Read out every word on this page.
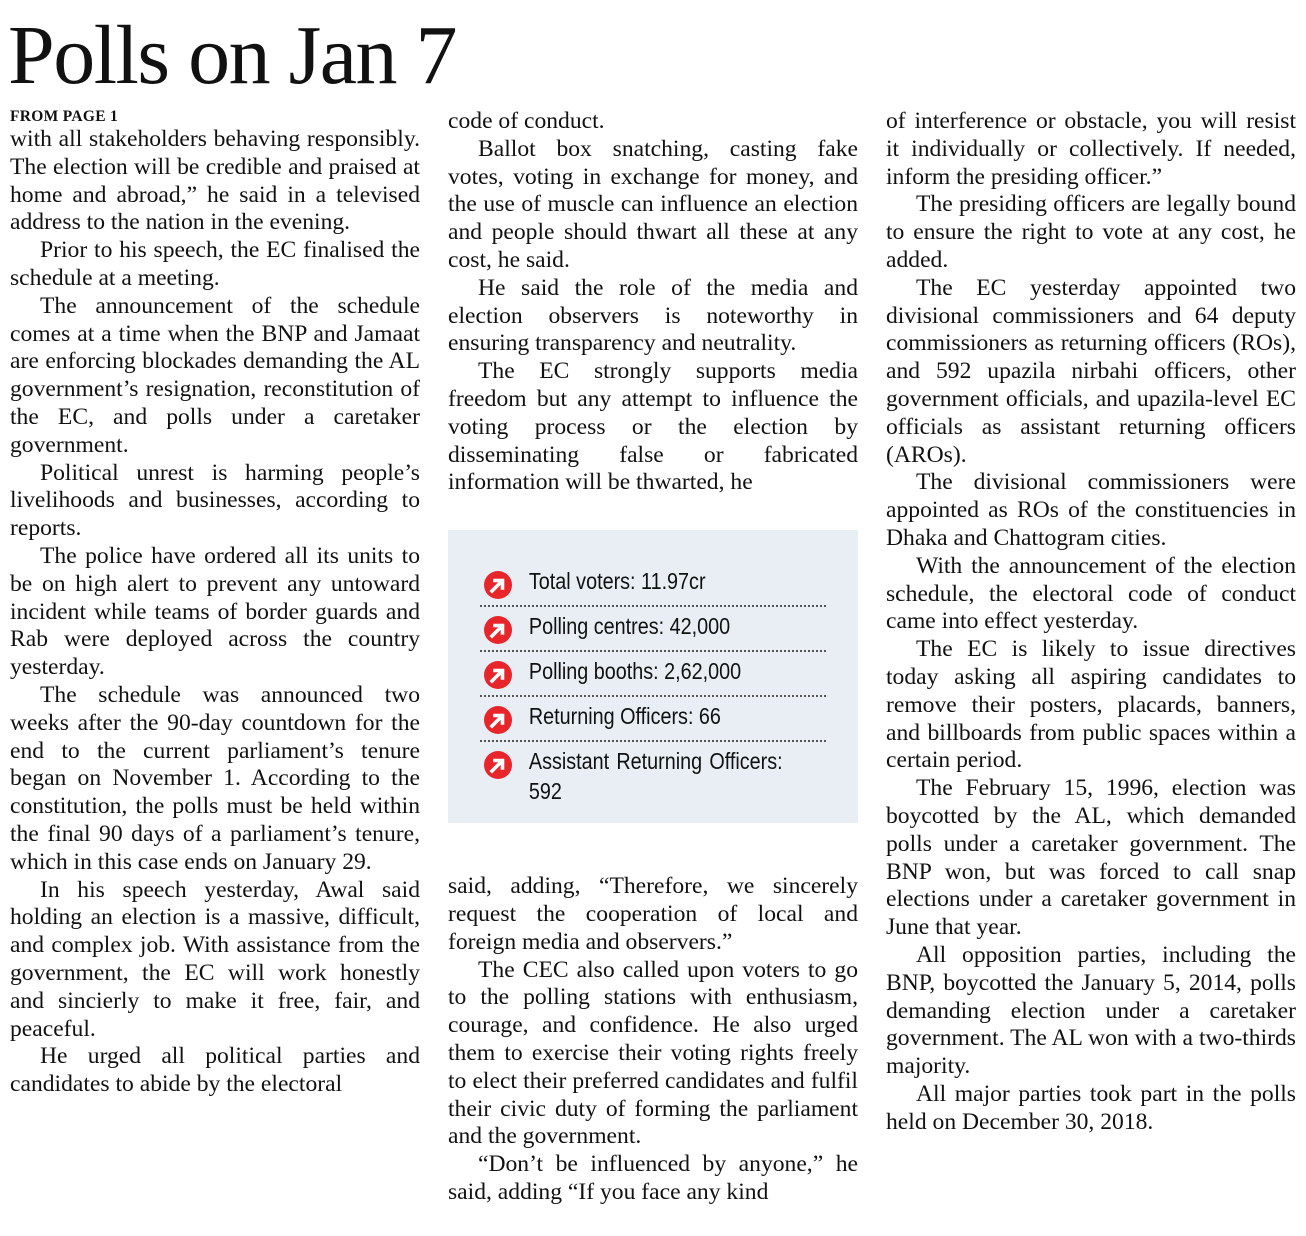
Polls on Jan 7
FROM PAGE 1

with all stakeholders behaving responsibly. The election will be credible and praised at home and abroad,” he said in a televised address to the nation in the evening.

Prior to his speech, the EC finalised the schedule at a meeting.

The announcement of the schedule comes at a time when the BNP and Jamaat are enforcing blockades demanding the AL government’s resignation, reconstitution of the EC, and polls under a caretaker government.

Political unrest is harming people’s livelihoods and businesses, according to reports.

The police have ordered all its units to be on high alert to prevent any untoward incident while teams of border guards and Rab were deployed across the country yesterday.

The schedule was announced two weeks after the 90-day countdown for the end to the current parliament’s tenure began on November 1. According to the constitution, the polls must be held within the final 90 days of a parliament’s tenure, which in this case ends on January 29.

In his speech yesterday, Awal said holding an election is a massive, difficult, and complex job. With assistance from the government, the EC will work honestly and sincierly to make it free, fair, and peaceful.

He urged all political parties and candidates to abide by the electoral

code of conduct.

Ballot box snatching, casting fake votes, voting in exchange for money, and the use of muscle can influence an election and people should thwart all these at any cost, he said.

He said the role of the media and election observers is noteworthy in ensuring transparency and neutrality.

The EC strongly supports media freedom but any attempt to influence the voting process or the election by disseminating false or fabricated information will be thwarted, he

Total voters: 11.97cr
Polling centres: 42,000
Polling booths: 2,62,000
Returning Officers: 66
Assistant Returning Officers: 592

said, adding, “Therefore, we sincerely request the cooperation of local and foreign media and observers.”

The CEC also called upon voters to go to the polling stations with enthusiasm, courage, and confidence. He also urged them to exercise their voting rights freely to elect their preferred candidates and fulfil their civic duty of forming the parliament and the government.

“Don’t be influenced by anyone,” he said, adding “If you face any kind

of interference or obstacle, you will resist it individually or collectively. If needed, inform the presiding officer.”

The presiding officers are legally bound to ensure the right to vote at any cost, he added.

The EC yesterday appointed two divisional commissioners and 64 deputy commissioners as returning officers (ROs), and 592 upazila nirbahi officers, other government officials, and upazila-level EC officials as assistant returning officers (AROs).

The divisional commissioners were appointed as ROs of the constituencies in Dhaka and Chattogram cities.

With the announcement of the election schedule, the electoral code of conduct came into effect yesterday.

The EC is likely to issue directives today asking all aspiring candidates to remove their posters, placards, banners, and billboards from public spaces within a certain period.

The February 15, 1996, election was boycotted by the AL, which demanded polls under a caretaker government. The BNP won, but was forced to call snap elections under a caretaker government in June that year.

All opposition parties, including the BNP, boycotted the January 5, 2014, polls demanding election under a caretaker government. The AL won with a two-thirds majority.

All major parties took part in the polls held on December 30, 2018.
